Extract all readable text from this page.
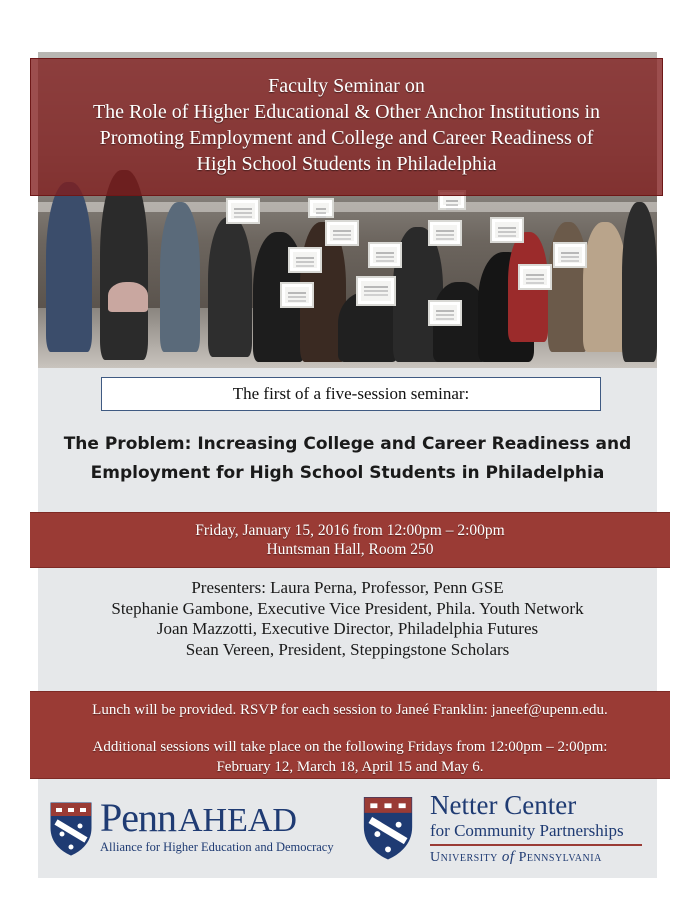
Faculty Seminar on
The Role of Higher Educational & Other Anchor Institutions in
Promoting Employment and College and Career Readiness of
High School Students in Philadelphia
The first of a five-session seminar:
The Problem: Increasing College and Career Readiness and
Employment for High School Students in Philadelphia
Friday, January 15, 2016 from 12:00pm – 2:00pm
Huntsman Hall, Room 250
Presenters: Laura Perna, Professor, Penn GSE
Stephanie Gambone, Executive Vice President, Phila. Youth Network
Joan Mazzotti, Executive Director, Philadelphia Futures
Sean Vereen, President, Steppingstone Scholars
Lunch will be provided. RSVP for each session to Janeé Franklin: janeef@upenn.edu.
Additional sessions will take place on the following Fridays from 12:00pm – 2:00pm:
February 12, March 18, April 15 and May 6.
PennAHEAD
Alliance for Higher Education and Democracy
Netter Center
for Community Partnerships
University of Pennsylvania
